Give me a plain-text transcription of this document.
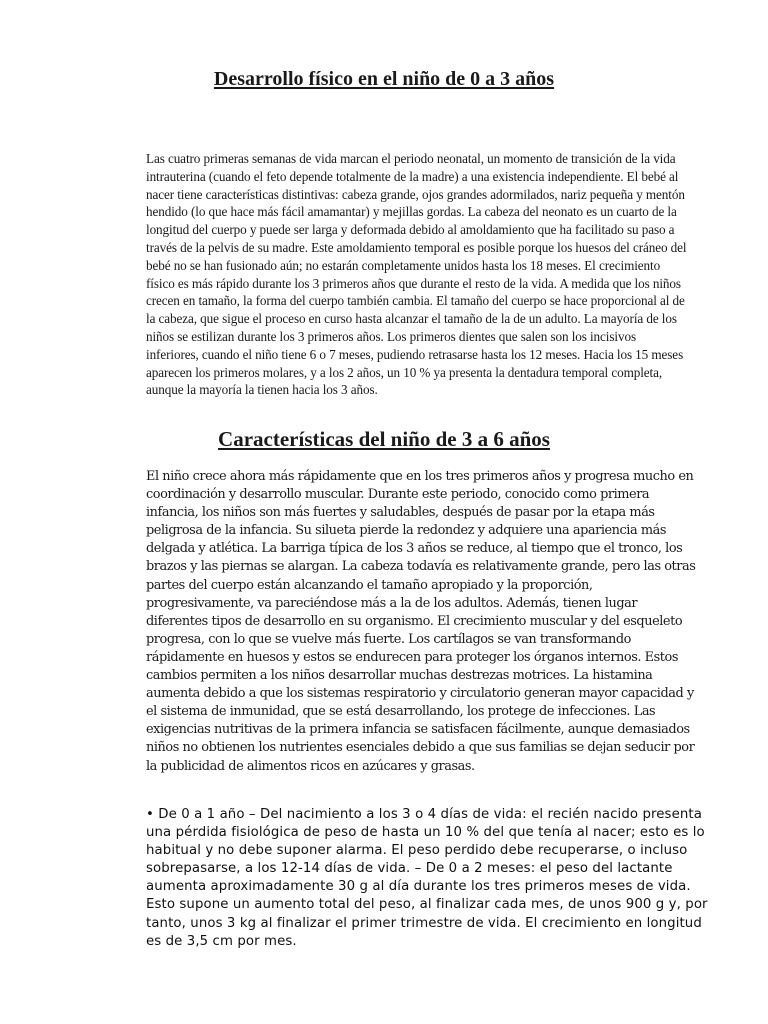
Desarrollo físico en el niño de 0 a 3 años

Las cuatro primeras semanas de vida marcan el periodo neonatal, un momento de transición de la vida intrauterina (cuando el feto depende totalmente de la madre) a una existencia independiente. El bebé al nacer tiene características distintivas: cabeza grande, ojos grandes adormilados, nariz pequeña y mentón hendido (lo que hace más fácil amamantar) y mejillas gordas. La cabeza del neonato es un cuarto de la longitud del cuerpo y puede ser larga y deformada debido al amoldamiento que ha facilitado su paso a través de la pelvis de su madre. Este amoldamiento temporal es posible porque los huesos del cráneo del bebé no se han fusionado aún; no estarán completamente unidos hasta los 18 meses. El crecimiento físico es más rápido durante los 3 primeros años que durante el resto de la vida. A medida que los niños crecen en tamaño, la forma del cuerpo también cambia. El tamaño del cuerpo se hace proporcional al de la cabeza, que sigue el proceso en curso hasta alcanzar el tamaño de la de un adulto. La mayoría de los niños se estilizan durante los 3 primeros años. Los primeros dientes que salen son los incisivos inferiores, cuando el niño tiene 6 o 7 meses, pudiendo retrasarse hasta los 12 meses. Hacia los 15 meses aparecen los primeros molares, y a los 2 años, un 10 % ya presenta la dentadura temporal completa, aunque la mayoría la tienen hacia los 3 años.

Características del niño de 3 a 6 años

El niño crece ahora más rápidamente que en los tres primeros años y progresa mucho en coordinación y desarrollo muscular. Durante este periodo, conocido como primera infancia, los niños son más fuertes y saludables, después de pasar por la etapa más peligrosa de la infancia. Su silueta pierde la redondez y adquiere una apariencia más delgada y atlética. La barriga típica de los 3 años se reduce, al tiempo que el tronco, los brazos y las piernas se alargan. La cabeza todavía es relativamente grande, pero las otras partes del cuerpo están alcanzando el tamaño apropiado y la proporción, progresivamente, va pareciéndose más a la de los adultos. Además, tienen lugar diferentes tipos de desarrollo en su organismo. El crecimiento muscular y del esqueleto progresa, con lo que se vuelve más fuerte. Los cartílagos se van transformando rápidamente en huesos y estos se endurecen para proteger los órganos internos. Estos cambios permiten a los niños desarrollar muchas destrezas motrices. La histamina aumenta debido a que los sistemas respiratorio y circulatorio generan mayor capacidad y el sistema de inmunidad, que se está desarrollando, los protege de infecciones. Las exigencias nutritivas de la primera infancia se satisfacen fácilmente, aunque demasiados niños no obtienen los nutrientes esenciales debido a que sus familias se dejan seducir por la publicidad de alimentos ricos en azúcares y grasas.

• De 0 a 1 año – Del nacimiento a los 3 o 4 días de vida: el recién nacido presenta una pérdida fisiológica de peso de hasta un 10 % del que tenía al nacer; esto es lo habitual y no debe suponer alarma. El peso perdido debe recuperarse, o incluso sobrepasarse, a los 12-14 días de vida. – De 0 a 2 meses: el peso del lactante aumenta aproximadamente 30 g al día durante los tres primeros meses de vida. Esto supone un aumento total del peso, al finalizar cada mes, de unos 900 g y, por tanto, unos 3 kg al finalizar el primer trimestre de vida. El crecimiento en longitud es de 3,5 cm por mes.
